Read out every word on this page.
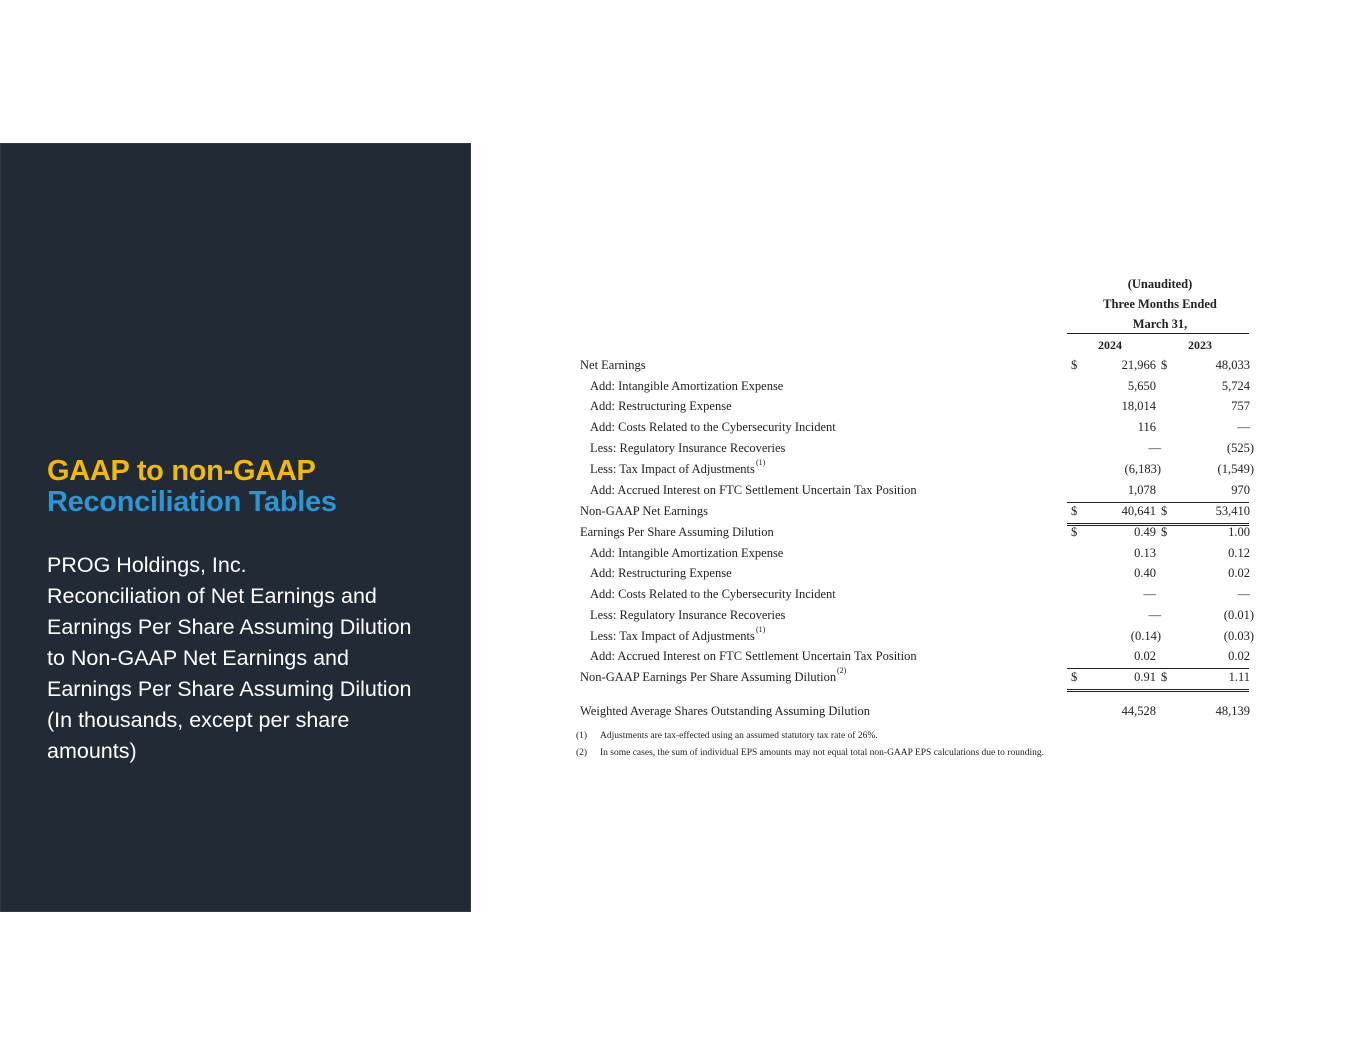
GAAP to non-GAAP
Reconciliation Tables
PROG Holdings, Inc.
Reconciliation of Net Earnings and
Earnings Per Share Assuming Dilution
to Non-GAAP Net Earnings and
Earnings Per Share Assuming Dilution
(In thousands, except per share
amounts)
(Unaudited)
Three Months Ended
March 31,
2024	2023
Net Earnings	$	21,966 $	48,033
Add: Intangible Amortization Expense	5,650	5,724
Add: Restructuring Expense	18,014	757
Add: Costs Related to the Cybersecurity Incident	116	—
Less: Regulatory Insurance Recoveries	—	(525)
Less: Tax Impact of Adjustments (1)	(6,183)	(1,549)
Add: Accrued Interest on FTC Settlement Uncertain Tax Position	1,078	970
Non-GAAP Net Earnings	$	40,641 $	53,410
Earnings Per Share Assuming Dilution	$	0.49 $	1.00
Add: Intangible Amortization Expense	0.13	0.12
Add: Restructuring Expense	0.40	0.02
Add: Costs Related to the Cybersecurity Incident	—	—
Less: Regulatory Insurance Recoveries	—	(0.01)
Less: Tax Impact of Adjustments (1)	(0.14)	(0.03)
Add: Accrued Interest on FTC Settlement Uncertain Tax Position	0.02	0.02
Non-GAAP Earnings Per Share Assuming Dilution (2)	$	0.91 $	1.11
Weighted Average Shares Outstanding Assuming Dilution	44,528	48,139
(1) Adjustments are tax-effected using an assumed statutory tax rate of 26%.
(2) In some cases, the sum of individual EPS amounts may not equal total non-GAAP EPS calculations due to rounding.
